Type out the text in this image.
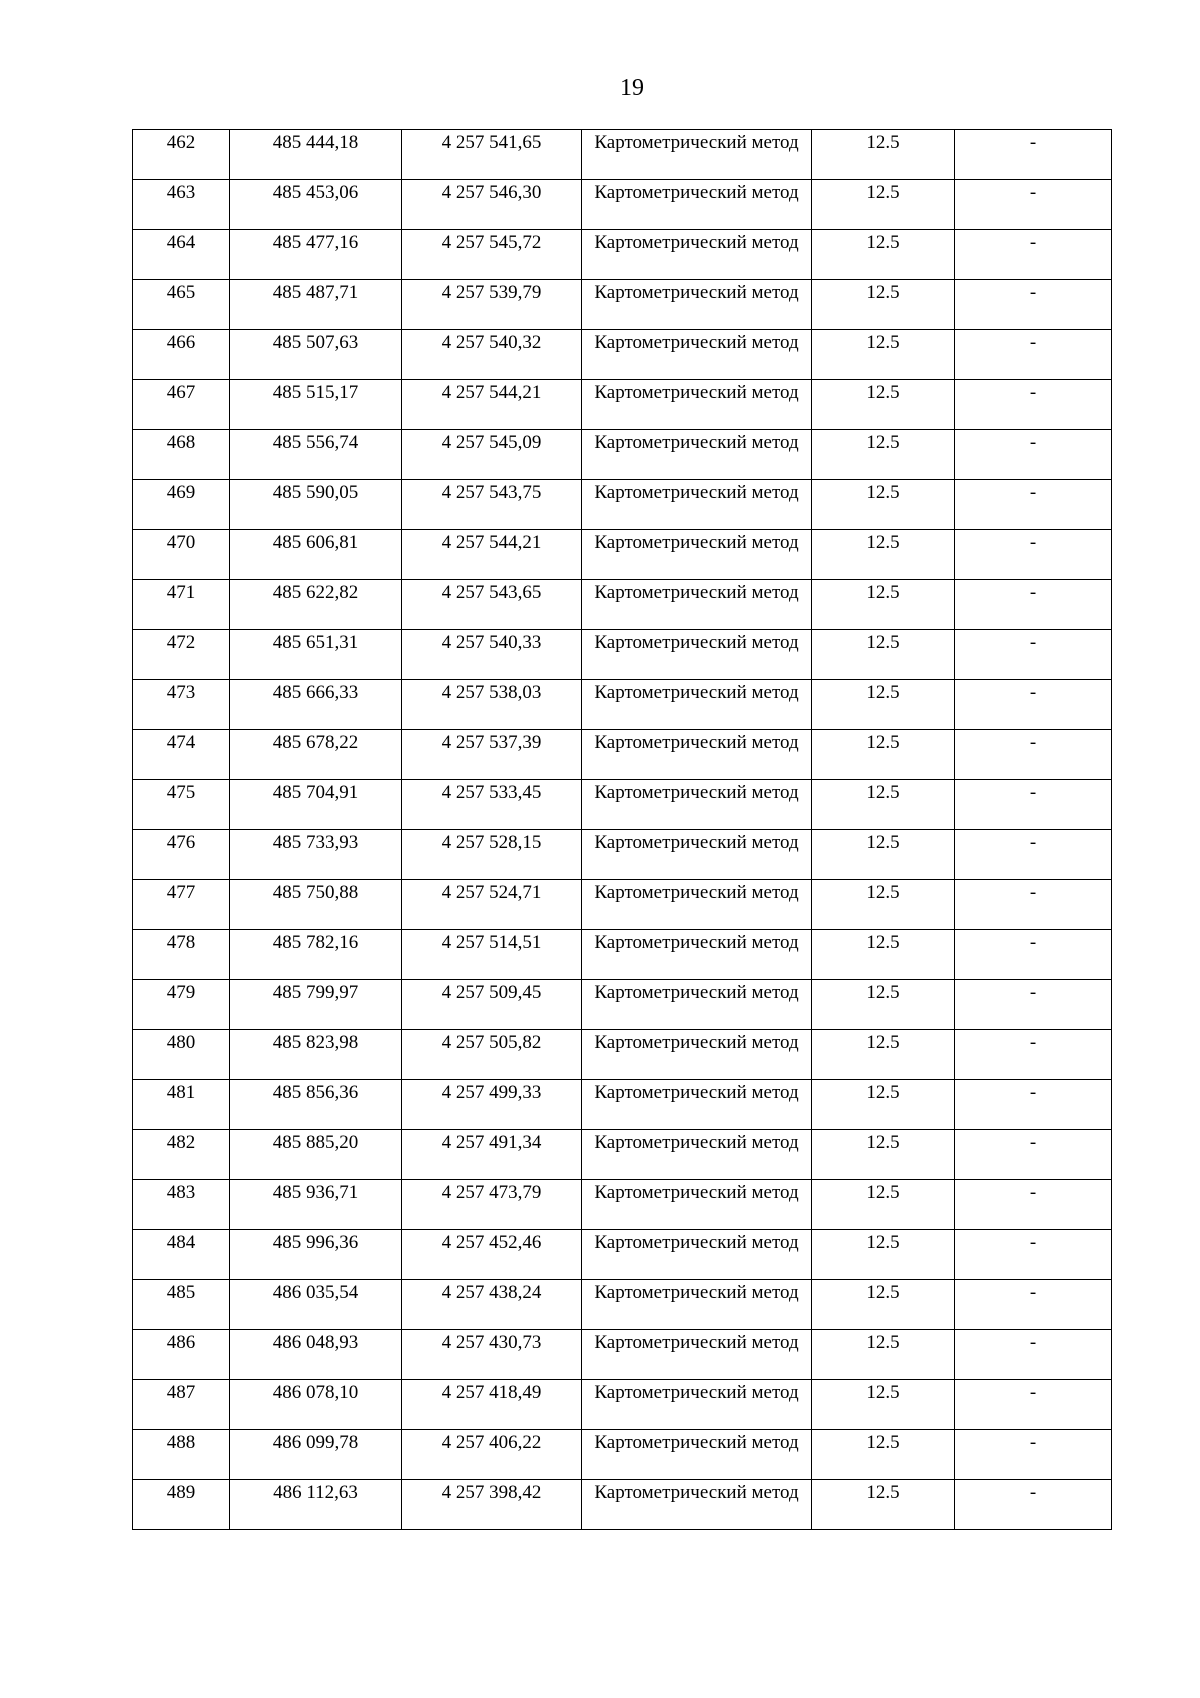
19
462	485 444,18	4 257 541,65	Картометрический метод	12.5	-

463	485 453,06	4 257 546,30	Картометрический метод	12.5	-

464	485 477,16	4 257 545,72	Картометрический метод	12.5	-

465	485 487,71	4 257 539,79	Картометрический метод	12.5	-

466	485 507,63	4 257 540,32	Картометрический метод	12.5	-

467	485 515,17	4 257 544,21	Картометрический метод	12.5	-

468	485 556,74	4 257 545,09	Картометрический метод	12.5	-

469	485 590,05	4 257 543,75	Картометрический метод	12.5	-

470	485 606,81	4 257 544,21	Картометрический метод	12.5	-

471	485 622,82	4 257 543,65	Картометрический метод	12.5	-

472	485 651,31	4 257 540,33	Картометрический метод	12.5	-

473	485 666,33	4 257 538,03	Картометрический метод	12.5	-

474	485 678,22	4 257 537,39	Картометрический метод	12.5	-

475	485 704,91	4 257 533,45	Картометрический метод	12.5	-

476	485 733,93	4 257 528,15	Картометрический метод	12.5	-

477	485 750,88	4 257 524,71	Картометрический метод	12.5	-

478	485 782,16	4 257 514,51	Картометрический метод	12.5	-

479	485 799,97	4 257 509,45	Картометрический метод	12.5	-

480	485 823,98	4 257 505,82	Картометрический метод	12.5	-

481	485 856,36	4 257 499,33	Картометрический метод	12.5	-

482	485 885,20	4 257 491,34	Картометрический метод	12.5	-

483	485 936,71	4 257 473,79	Картометрический метод	12.5	-

484	485 996,36	4 257 452,46	Картометрический метод	12.5	-

485	486 035,54	4 257 438,24	Картометрический метод	12.5	-

486	486 048,93	4 257 430,73	Картометрический метод	12.5	-

487	486 078,10	4 257 418,49	Картометрический метод	12.5	-

488	486 099,78	4 257 406,22	Картометрический метод	12.5	-

489	486 112,63	4 257 398,42	Картометрический метод	12.5	-
